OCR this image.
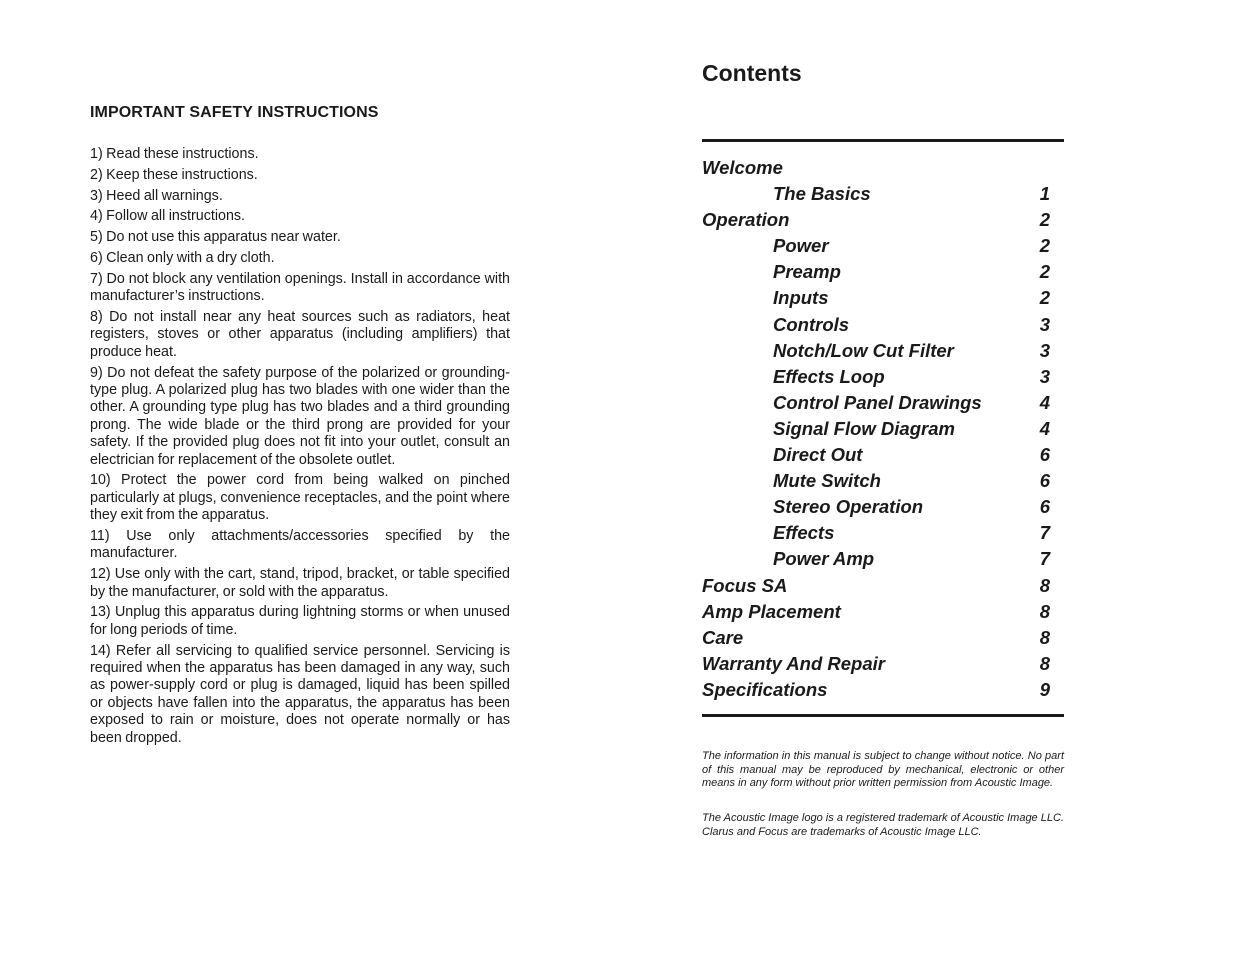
IMPORTANT SAFETY INSTRUCTIONS
1) Read these instructions.
2) Keep these instructions.
3) Heed all warnings.
4) Follow all instructions.
5) Do not use this apparatus near water.
6) Clean only with a dry cloth.
7) Do not block any ventilation openings. Install in accordance with manufacturer’s instructions.
8) Do not install near any heat sources such as radiators, heat registers, stoves or other apparatus (including amplifiers) that produce heat.
9) Do not defeat the safety purpose of the polarized or grounding-type plug. A polarized plug has two blades with one wider than the other. A grounding type plug has two blades and a third grounding prong. The wide blade or the third prong are provided for your safety. If the provided plug does not fit into your outlet, consult an electrician for replacement of the obsolete outlet.
10) Protect the power cord from being walked on pinched particularly at plugs, convenience receptacles, and the point where they exit from the apparatus.
11) Use only attachments/accessories specified by the manufacturer.
12) Use only with the cart, stand, tripod, bracket, or table specified by the manufacturer, or sold with the apparatus.
13) Unplug this apparatus during lightning storms or when unused for long periods of time.
14) Refer all servicing to qualified service personnel. Servicing is required when the apparatus has been damaged in any way, such as power-supply cord or plug is damaged, liquid has been spilled or objects have fallen into the apparatus, the apparatus has been exposed to rain or moisture, does not operate normally or has been dropped.
Contents
Welcome
The Basics	1
Operation	2
Power	2
Preamp	2
Inputs	2
Controls	3
Notch/Low Cut Filter	3
Effects Loop	3
Control Panel Drawings	4
Signal Flow Diagram	4
Direct Out	6
Mute Switch	6
Stereo Operation	6
Effects	7
Power Amp	7
Focus SA	8
Amp Placement	8
Care	8
Warranty And Repair	8
Specifications	9

The information in this manual is subject to change without notice. No part of this manual may be reproduced by mechanical, electronic or other means in any form without prior written permission from Acoustic Image.

The Acoustic Image logo is a registered trademark of Acoustic Image LLC. Clarus and Focus are trademarks of Acoustic Image LLC.
